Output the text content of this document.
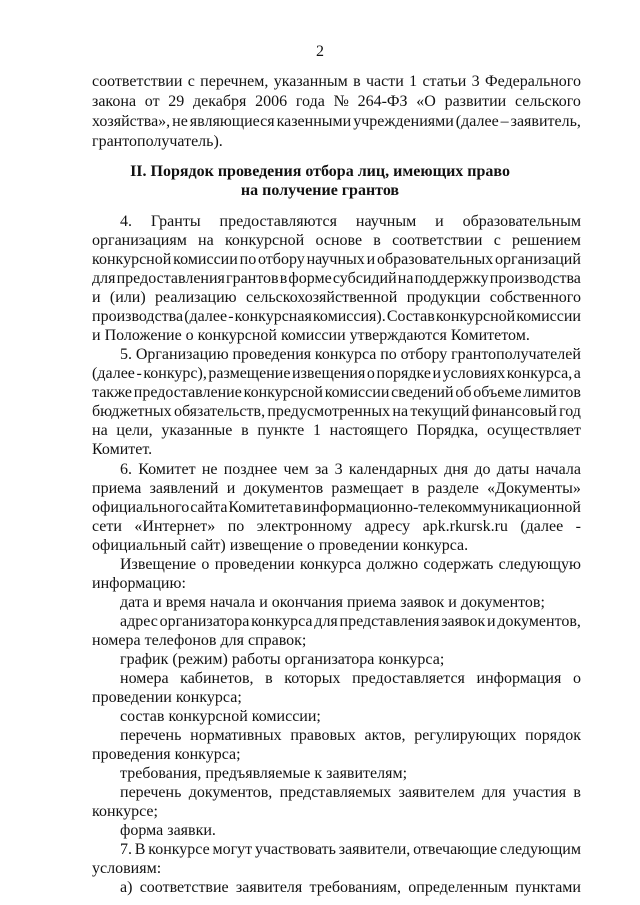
2
соответствии с перечнем, указанным в части 1 статьи 3 Федерального
закона от 29 декабря 2006 года № 264-ФЗ «О развитии сельского
хозяйства», не являющиеся казенными учреждениями (далее – заявитель,
грантополучатель).
II. Порядок проведения отбора лиц, имеющих право
на получение грантов
4. Гранты предоставляются научным и образовательным
организациям на конкурсной основе в соответствии с решением
конкурсной комиссии по отбору научных и образовательных организаций
для предоставления грантов в форме субсидий на поддержку производства
и (или) реализацию сельскохозяйственной продукции собственного
производства (далее - конкурсная комиссия). Состав конкурсной комиссии
и Положение о конкурсной комиссии утверждаются Комитетом.
5. Организацию проведения конкурса по отбору грантополучателей
(далее - конкурс), размещение извещения о порядке и условиях конкурса, а
также предоставление конкурсной комиссии сведений об объеме лимитов
бюджетных обязательств, предусмотренных на текущий финансовый год
на цели, указанные в пункте 1 настоящего Порядка, осуществляет
Комитет.
6. Комитет не позднее чем за 3 календарных дня до даты начала
приема заявлений и документов размещает в разделе «Документы»
официального сайта Комитета в информационно-телекоммуникационной
сети «Интернет» по электронному адресу apk.rkursk.ru (далее -
официальный сайт) извещение о проведении конкурса.
Извещение о проведении конкурса должно содержать следующую
информацию:
дата и время начала и окончания приема заявок и документов;
адрес организатора конкурса для представления заявок и документов,
номера телефонов для справок;
график (режим) работы организатора конкурса;
номера кабинетов, в которых предоставляется информация о
проведении конкурса;
состав конкурсной комиссии;
перечень нормативных правовых актов, регулирующих порядок
проведения конкурса;
требования, предъявляемые к заявителям;
перечень документов, представляемых заявителем для участия в
конкурсе;
форма заявки.
7. В конкурсе могут участвовать заявители, отвечающие следующим
условиям:
а) соответствие заявителя требованиям, определенным пунктами
